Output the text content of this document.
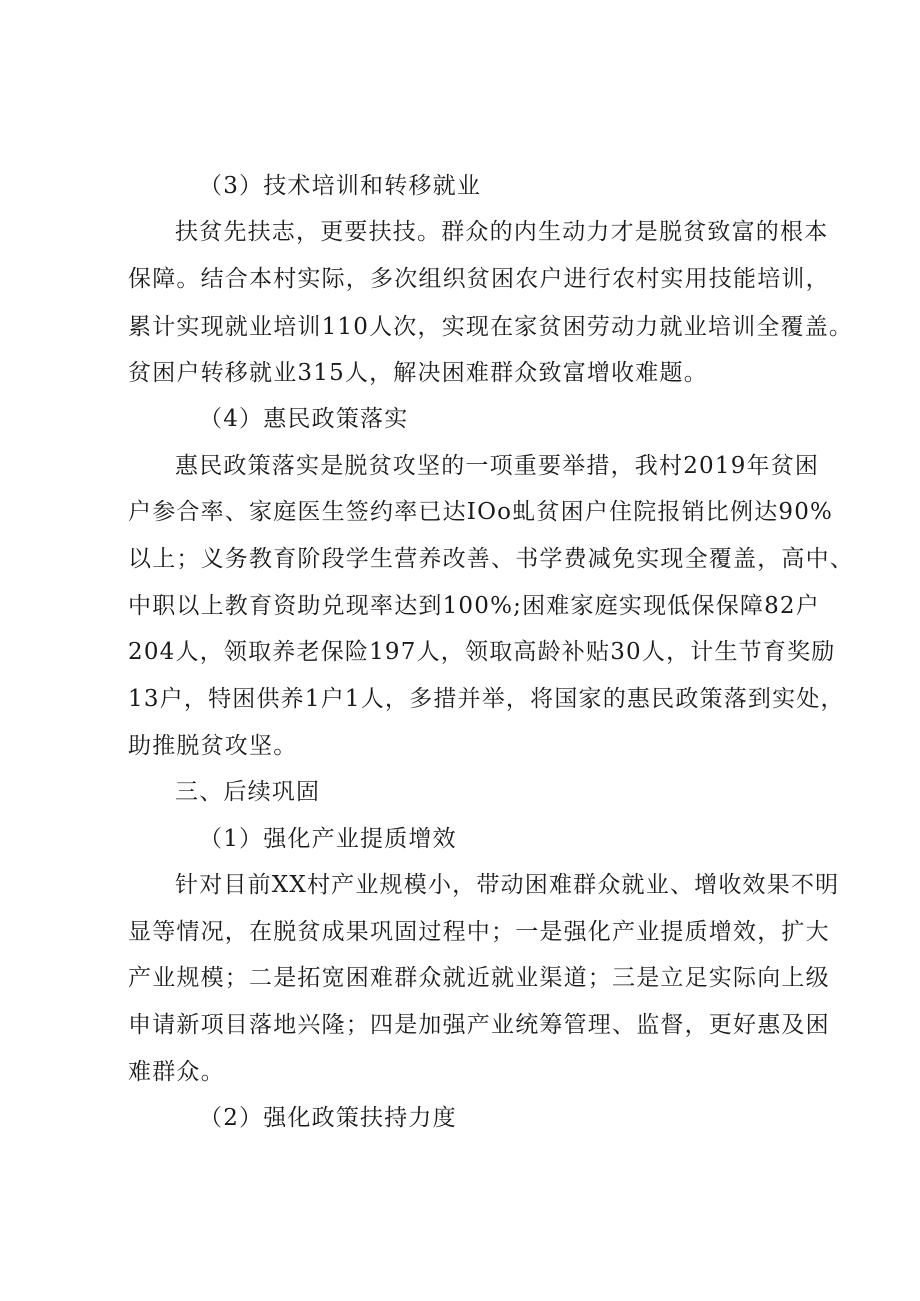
（3）技术培训和转移就业
扶贫先扶志，更要扶技。群众的内生动力才是脱贫致富的根本
保障。结合本村实际，多次组织贫困农户进行农村实用技能培训，
累计实现就业培训110人次，实现在家贫困劳动力就业培训全覆盖。
贫困户转移就业315人，解决困难群众致富增收难题。
（4）惠民政策落实
惠民政策落实是脱贫攻坚的一项重要举措，我村2019年贫困
户参合率、家庭医生签约率已达IOo虬贫困户住院报销比例达90%
以上；义务教育阶段学生营养改善、书学费减免实现全覆盖，高中、
中职以上教育资助兑现率达到100%;困难家庭实现低保保障82户
204人，领取养老保险197人，领取高龄补贴30人，计生节育奖励
13户，特困供养1户1人，多措并举，将国家的惠民政策落到实处，
助推脱贫攻坚。
三、后续巩固
（1）强化产业提质增效
针对目前XX村产业规模小，带动困难群众就业、增收效果不明
显等情况，在脱贫成果巩固过程中；一是强化产业提质增效，扩大
产业规模；二是拓宽困难群众就近就业渠道；三是立足实际向上级
申请新项目落地兴隆；四是加强产业统筹管理、监督，更好惠及困
难群众。
（2）强化政策扶持力度
